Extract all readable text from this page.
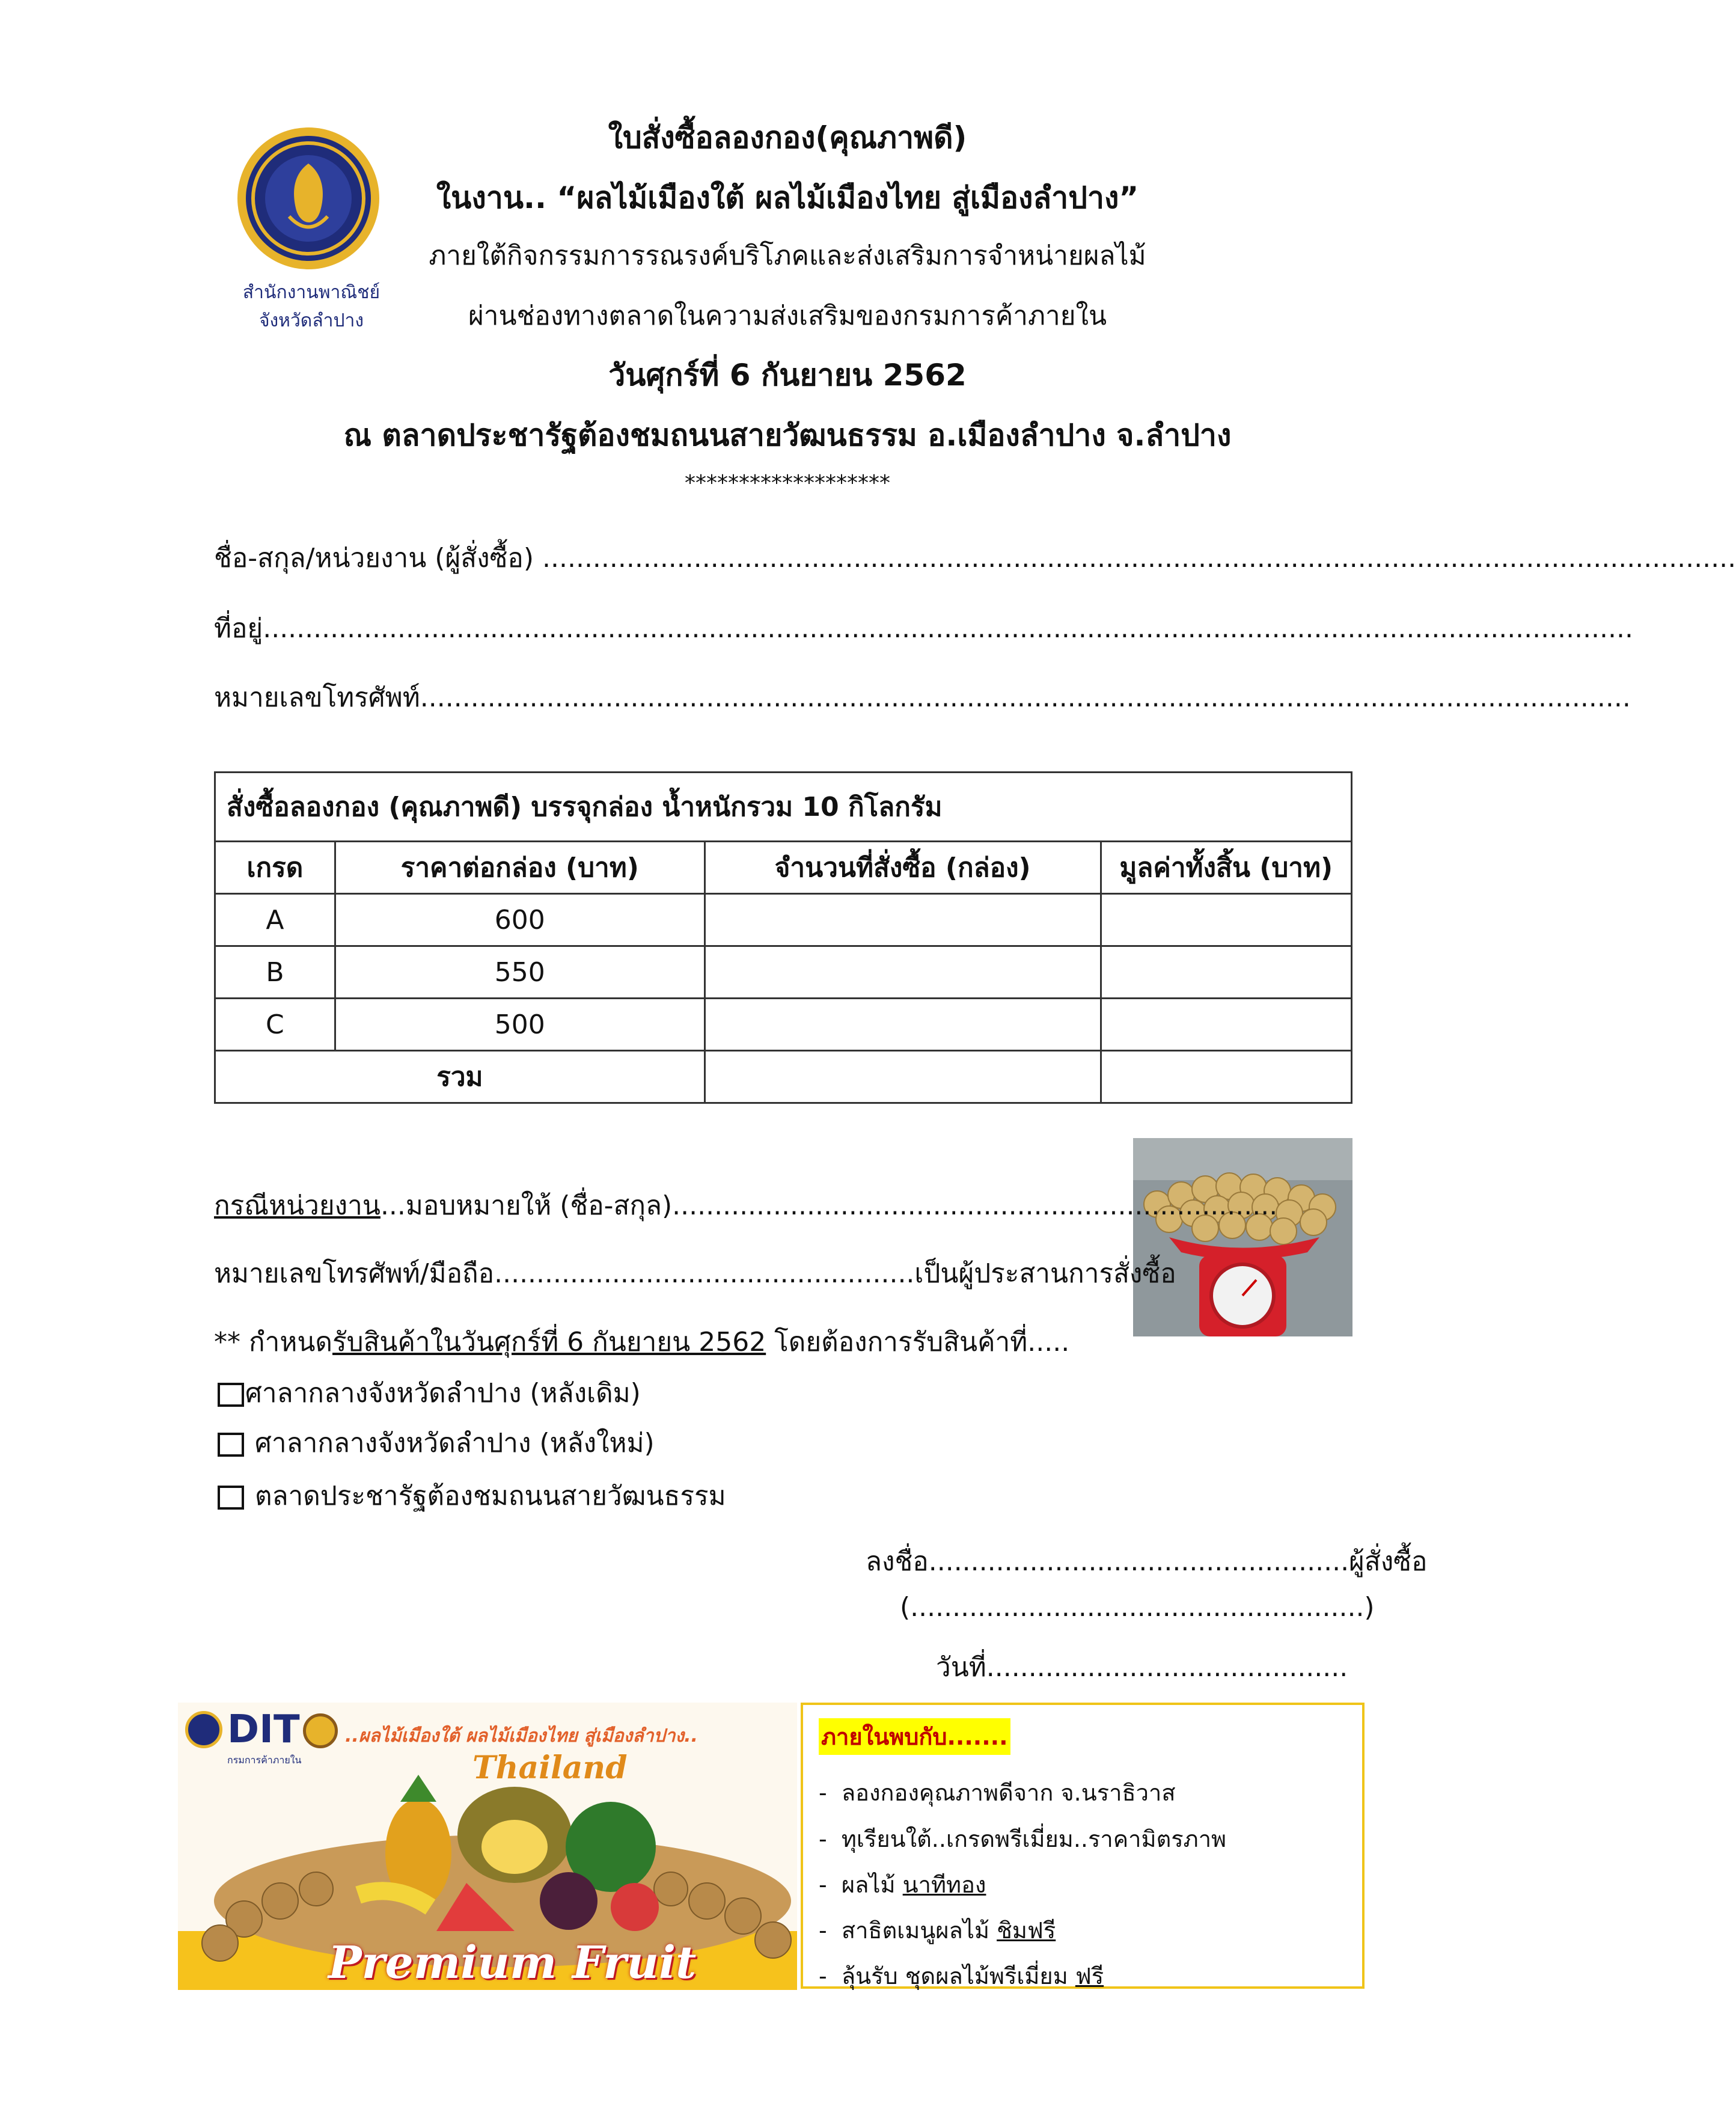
สำนักงานพาณิชย์
จังหวัดลำปาง
ใบสั่งซื้อลองกอง(คุณภาพดี)
ในงาน.. “ผลไม้เมืองใต้ ผลไม้เมืองไทย สู่เมืองลำปาง”
ภายใต้กิจกรรมการรณรงค์บริโภคและส่งเสริมการจำหน่ายผลไม้
ผ่านช่องทางตลาดในความส่งเสริมของกรมการค้าภายใน
วันศุกร์ที่ 6 กันยายน 2562
ณ ตลาดประชารัฐต้องชมถนนสายวัฒนธรรม อ.เมืองลำปาง จ.ลำปาง
*******************
ชื่อ-สกุล/หน่วยงาน (ผู้สั่งซื้อ) ..............................................................................................................................................
ที่อยู่...................................................................................................................................................................
หมายเลขโทรศัพท์................................................................................................................................................
สั่งซื้อลองกอง (คุณภาพดี) บรรจุกล่อง น้ำหนักรวม 10 กิโลกรัม			
เกรด	ราคาต่อกล่อง (บาท)	จำนวนที่สั่งซื้อ (กล่อง)	มูลค่าทั้งสิ้น (บาท)
A	600		
B	550		
C	500		
รวม			
กรณีหน่วยงาน...มอบหมายให้ (ชื่อ-สกุล)........................................................................
หมายเลขโทรศัพท์/มือถือ..................................................เป็นผู้ประสานการสั่งซื้อ
** กำหนดรับสินค้าในวันศุกร์ที่ 6 กันยายน 2562 โดยต้องการรับสินค้าที่.....
ศาลากลางจังหวัดลำปาง (หลังเดิม)
ศาลากลางจังหวัดลำปาง (หลังใหม่)
ตลาดประชารัฐต้องชมถนนสายวัฒนธรรม
ลงชื่อ..................................................ผู้สั่งซื้อ
(......................................................)
วันที่...........................................
DIT
กรมการค้าภายใน
..ผลไม้เมืองใต้ ผลไม้เมืองไทย สู่เมืองลำปาง..
Thailand
Premium Fruit
ภายในพบกับ.......
-  ลองกองคุณภาพดีจาก จ.นราธิวาส
-  ทุเรียนใต้..เกรดพรีเมี่ยม..ราคามิตรภาพ
-  ผลไม้ นาทีทอง
-  สาธิตเมนูผลไม้ ชิมฟรี
-  ลุ้นรับ ชุดผลไม้พรีเมี่ยม ฟรี
